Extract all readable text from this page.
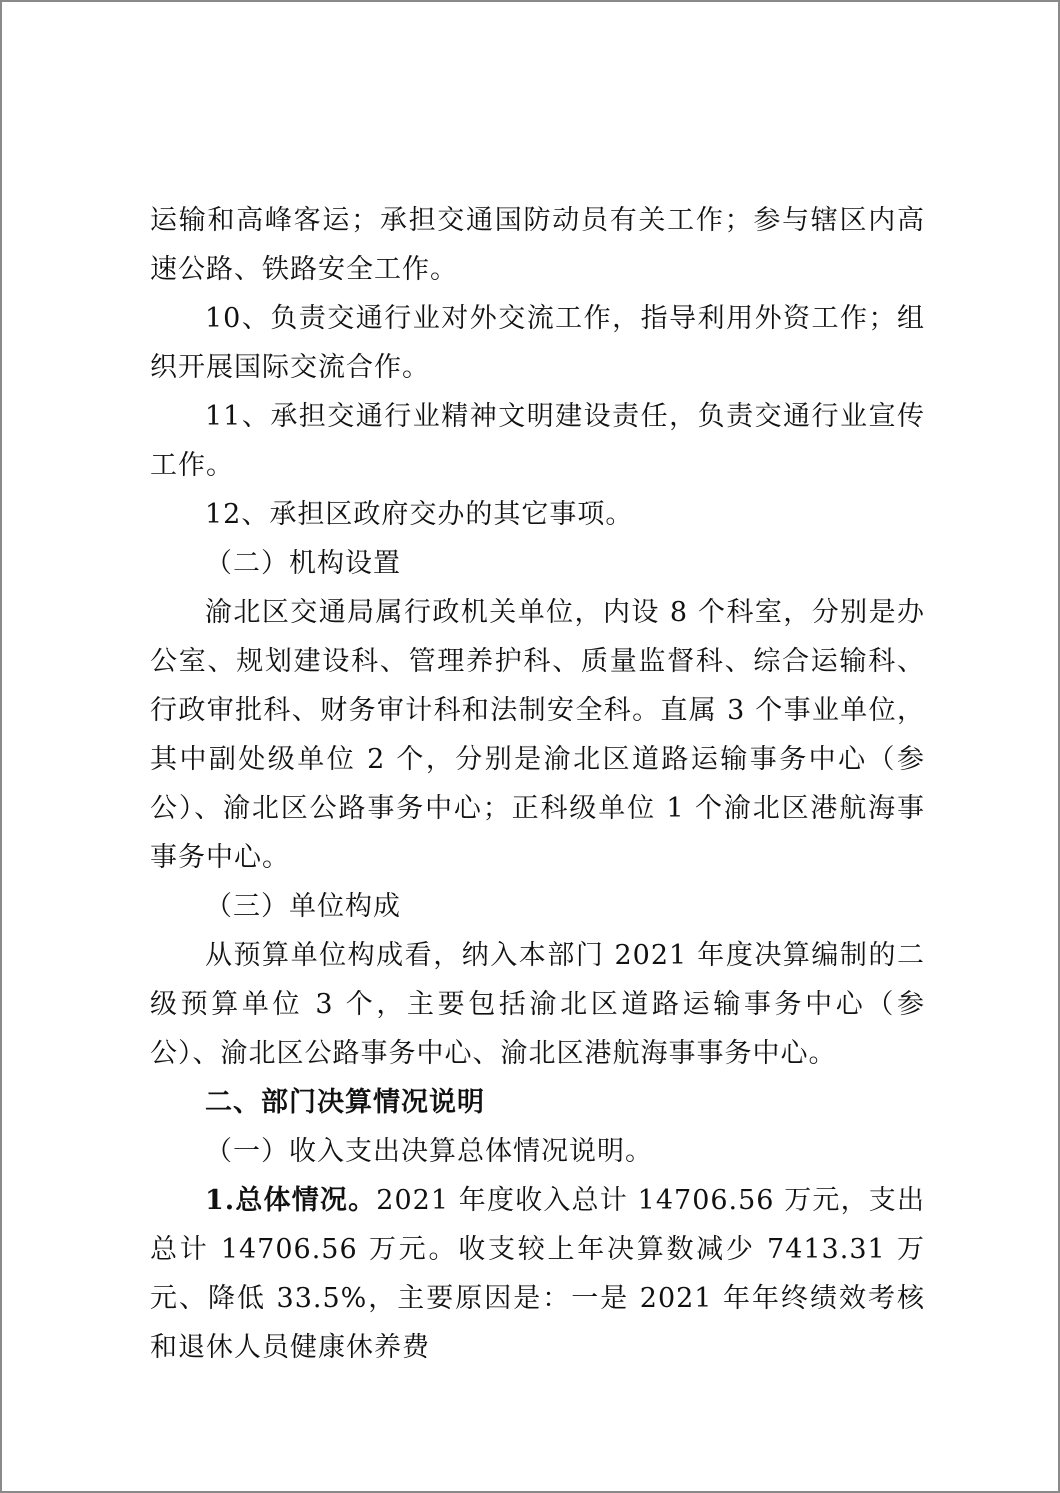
运输和高峰客运；承担交通国防动员有关工作；参与辖区内高速公路、铁路安全工作。

10、负责交通行业对外交流工作，指导利用外资工作；组织开展国际交流合作。

11、承担交通行业精神文明建设责任，负责交通行业宣传工作。

12、承担区政府交办的其它事项。

（二）机构设置

渝北区交通局属行政机关单位，内设 8 个科室，分别是办公室、规划建设科、管理养护科、质量监督科、综合运输科、行政审批科、财务审计科和法制安全科。直属 3 个事业单位，其中副处级单位 2 个，分别是渝北区道路运输事务中心（参公）、渝北区公路事务中心；正科级单位 1 个渝北区港航海事事务中心。

（三）单位构成

从预算单位构成看，纳入本部门 2021 年度决算编制的二级预算单位 3 个，主要包括渝北区道路运输事务中心（参公）、渝北区公路事务中心、渝北区港航海事事务中心。

二、部门决算情况说明

（一）收入支出决算总体情况说明。

1.总体情况。2021 年度收入总计 14706.56 万元，支出总计 14706.56 万元。收支较上年决算数减少 7413.31 万元、降低 33.5%，主要原因是：一是 2021 年年终绩效考核和退休人员健康休养费
